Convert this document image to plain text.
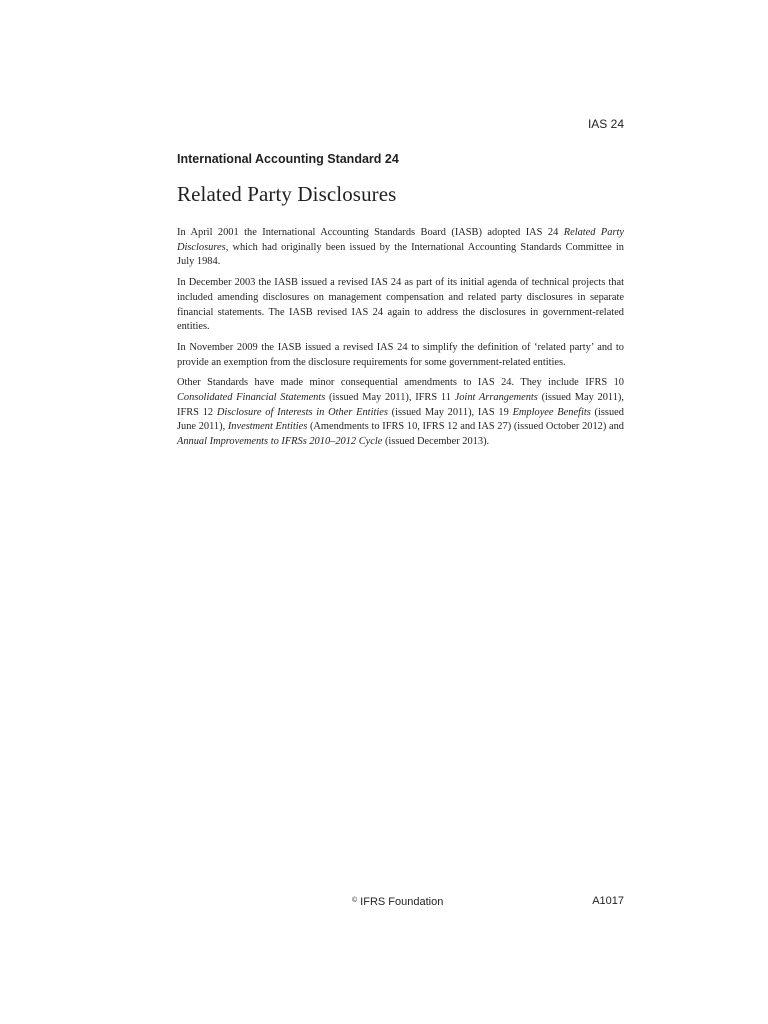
IAS 24
International Accounting Standard 24
Related Party Disclosures

In April 2001 the International Accounting Standards Board (IASB) adopted IAS 24 Related Party Disclosures, which had originally been issued by the International Accounting Standards Committee in July 1984.

In December 2003 the IASB issued a revised IAS 24 as part of its initial agenda of technical projects that included amending disclosures on management compensation and related party disclosures in separate financial statements. The IASB revised IAS 24 again to address the disclosures in government-related entities.

In November 2009 the IASB issued a revised IAS 24 to simplify the definition of ‘related party’ and to provide an exemption from the disclosure requirements for some government-related entities.

Other Standards have made minor consequential amendments to IAS 24. They include IFRS 10 Consolidated Financial Statements (issued May 2011), IFRS 11 Joint Arrangements (issued May 2011), IFRS 12 Disclosure of Interests in Other Entities (issued May 2011), IAS 19 Employee Benefits (issued June 2011), Investment Entities (Amendments to IFRS 10, IFRS 12 and IAS 27) (issued October 2012) and Annual Improvements to IFRSs 2010–2012 Cycle (issued December 2013).

© IFRS Foundation	A1017
